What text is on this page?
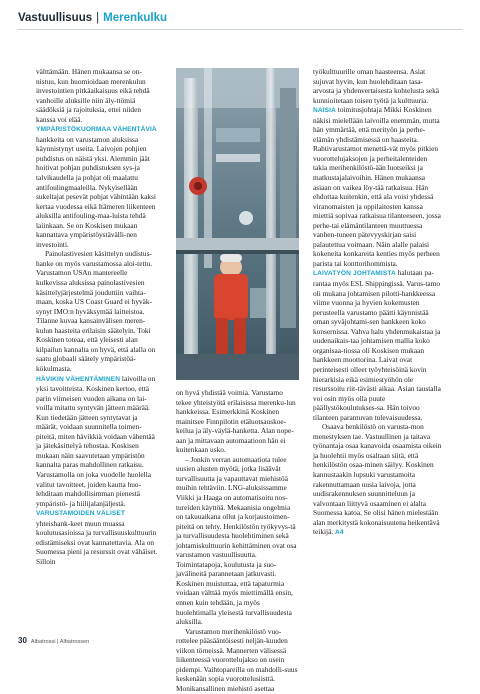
Vastuullisuus | Merenkulku

välttämään. Hänen mukaansa se on-nistuu, kun huomioidaan merenkulun investointien pitkäaikaisuus eikä tehdä vanhoille aluksille niin äly-ttömiä säädöksiä ja rajoituksia, ettei niiden kanssa voi elää.

YMPÄRISTÖKUORMAA VÄHENTÄVIÄ hankkeita on varustamon aluksissa käynnistynyt useita. Laivojen pohjien puhdistus on näistä yksi. Aiemmin jäät hoitivat pohjan puhdistuksen sys-ja talvikaudella ja pohjat oli maalattu antifoulingmaaleilla. Nykyisellään sukeltajat pesevät pohjat vähintään kaksi kertaa vuodessa eikä Itämeren liikenteen aluksilla antifouling-maa-luista tehdä laiinkaan. Se on Koskisen mukaan kannattava ympäristöystävälli-nen investointi.

Painolastivesien käsittelyn uudistus-hanke on myös varustamossa aloi-tettu. Varustamon USAn mantereelle kulkevissa aluksissa painolastivesien käsittelyjärjestelmä jouduttiin vaihta-maan, koska US Coast Guard ei hyväk-synyt IMO:n hyväksymää laitteistoa. Tilanne kuvaa kansainvälisen meren-kulun haasteita erilaisin säätelyin. Toki Koskinen toteaa, että yleisesti alan kilpailun kannalta on hyvä, että alalla on saatu globaali säätely ympäristöä-kökulmasta.

HÄVIKIN VÄHENTÄMINEN laivoilla on yksi tavoitteista. Koskinen kertoo, että parin viimeisen vuoden aikana on lai-voilla mitattu syntyvän jätteen määrää. Kun tiedetään jätteen syntytavat ja määrät, voidaan suunnitella toimen-piteitä, miten hävikkiä voidaan vähentää ja jätekäsittelyä tehostaa. Koskisen mukaan näin saavutetaan ympäristön kannalta paras mahdollinen ratkaisu. Varustamolla on joka vuodelle huolella valitut tavoitteet, joiden kautta huo-lehditaan mahdollisimman pienestä ympäristö- ja hiilijalanjäljestä.

VARUSTAMOIDEN VÄLISET yhteishank-keet muun muassa koulutusasioissa ja turvallisuuskulttuurin edistämiseksi ovat kannatettavia. Ala on Suomessa pieni ja resurssit ovat vähäiset. Silloin

on hyvä yhdistää voimia. Varustamo tekee yhteistyötä erilaisissa merenku-lun hankkeissa. Esimerkkinä Koskinen mainitsee Finnpilotin etäluotsauskoe-keilua ja äly-väylä-hanketta. Alan nope-aan ja mittavaan automaatioon hän ei kuitenkaan usko.

– Jonkin verran automaatiota tulee uusien alusten myötä, jotka lisäävät turvallisuutta ja vapauttavat miehistöä muihin tehtäviin. LNG-aluksissamme Viikki ja Haaga on automatisoitu nos-tureiden käyttöä. Mekaanisia ongelmia on takuuaikana ollut ja korjaustoimen-piteitä on tehty. Henkilöstön työkyvys-tä ja turvallisuudesta huolehtiminen sekä johtamiskulttuurin kehittäminen ovat osa varustamon vastuullisuutta. Toimintatapoja, koulutusta ja suo-javälineitä parannetaan jatkuvasti. Koskinen muistuttaa, että tapaturmia voidaan välttää myös miettimällä ensin, ennen kuin tehdään, ja myös huolehtimalla yleisestä turvallisuudesta aluksilla.

Varustamon merihenkilöstö vuo-rottelee pääsääntöisesti neljän-kuuden viikon törneissä. Mannerten välisessä liikenteessä vuorottelujakso on usein pidempi. Vaihtopareilla on mahdolli-suus keskenään sopia vuorottelusiisttä. Monikansallinen miehistö asettaa

työkulttuurille oman haasteensa. Asiat sujuvat hyvin, kun huolehditaan tasa-arvosta ja yhdenvertaisesta kohtelusta sekä kunnioitetaan toisen työtä ja kulttuuria.

NAISIA toimitusjohtaja Mikki Koskinen näkisi mielellään laivoilla enemmän, mutta hän ymmärtää, että merityön ja perhe-elämän yhdistämisessä on haasteita. Rahtivarustamot menettä-vät myös pitkien vuorottelujaksojen ja perheitalenteiden takia merihenkilöstö-ään luotseiksi ja matkustajalaivoihin. Hänen mukaansa asiaan on vaikea löy-tää ratkaisua. Hän ehdottaa kuitenkin, että ala voisi yhdessä viranomaisten ja oppilaitosten kanssa miettiä sopivaa ratkaisua tilanteeseen, jossa perhe-tai elämäntilanteen muuttuessa vanhen-tuneen pätevyyskirjan saisi palautettua voimaan. Näin alalle palaisi kokeneita konkareita kenties myös perheen parista tai konttorihommista.

LAIVATYÖN JOHTAMISTA halutaan pa-rantaa myös ESL Shippingissä. Varus-tamo oli mukana johtamisen pilotti-hankkeessa viime vuonna ja hyvien kokemusten perusteella varustamo päätti käynnistää oman syväjohtami-sen hankkeen koko konsernissa. Vahva halu yhdenmukaistaa ja uudenaikais-taa johtamisen mallia koko organisaa-tiossa oli Koskisen mukaan hankkeen moottorina. Laivat ovat perinteisesti olleet työyhteisöinä kovin hierarkisia eikä esimiestyöhön ole resurssoitu riit-tävästi aikaa. Asian taustalla voi osin myös olla puute päällystökoulutukses-sa. Hän toivoo tilanteen parantuvan tulevaisuudessa.

Osaava henkilöstö on varusta-mon menestyksen tae. Vastuullinen ja taitava työnantaja osaa kanavoida osaamista oikein ja huolehtii myös osaltaan siitä, että henkilöstön osaa-minen säilyy. Koskinen kannustaakin lupsuki varustamoita rakennuttamaan uusia laivoja, jotta uudisrakennuksen suunnitteluun ja valvontaan liittyvä osaaminen ei alalta Suomessa katoa. Se olisi hänen mielestään alan merkitystä kokonaisuutena heikentävä teikijä. A4

30 Albatrossi | Albatrossen
